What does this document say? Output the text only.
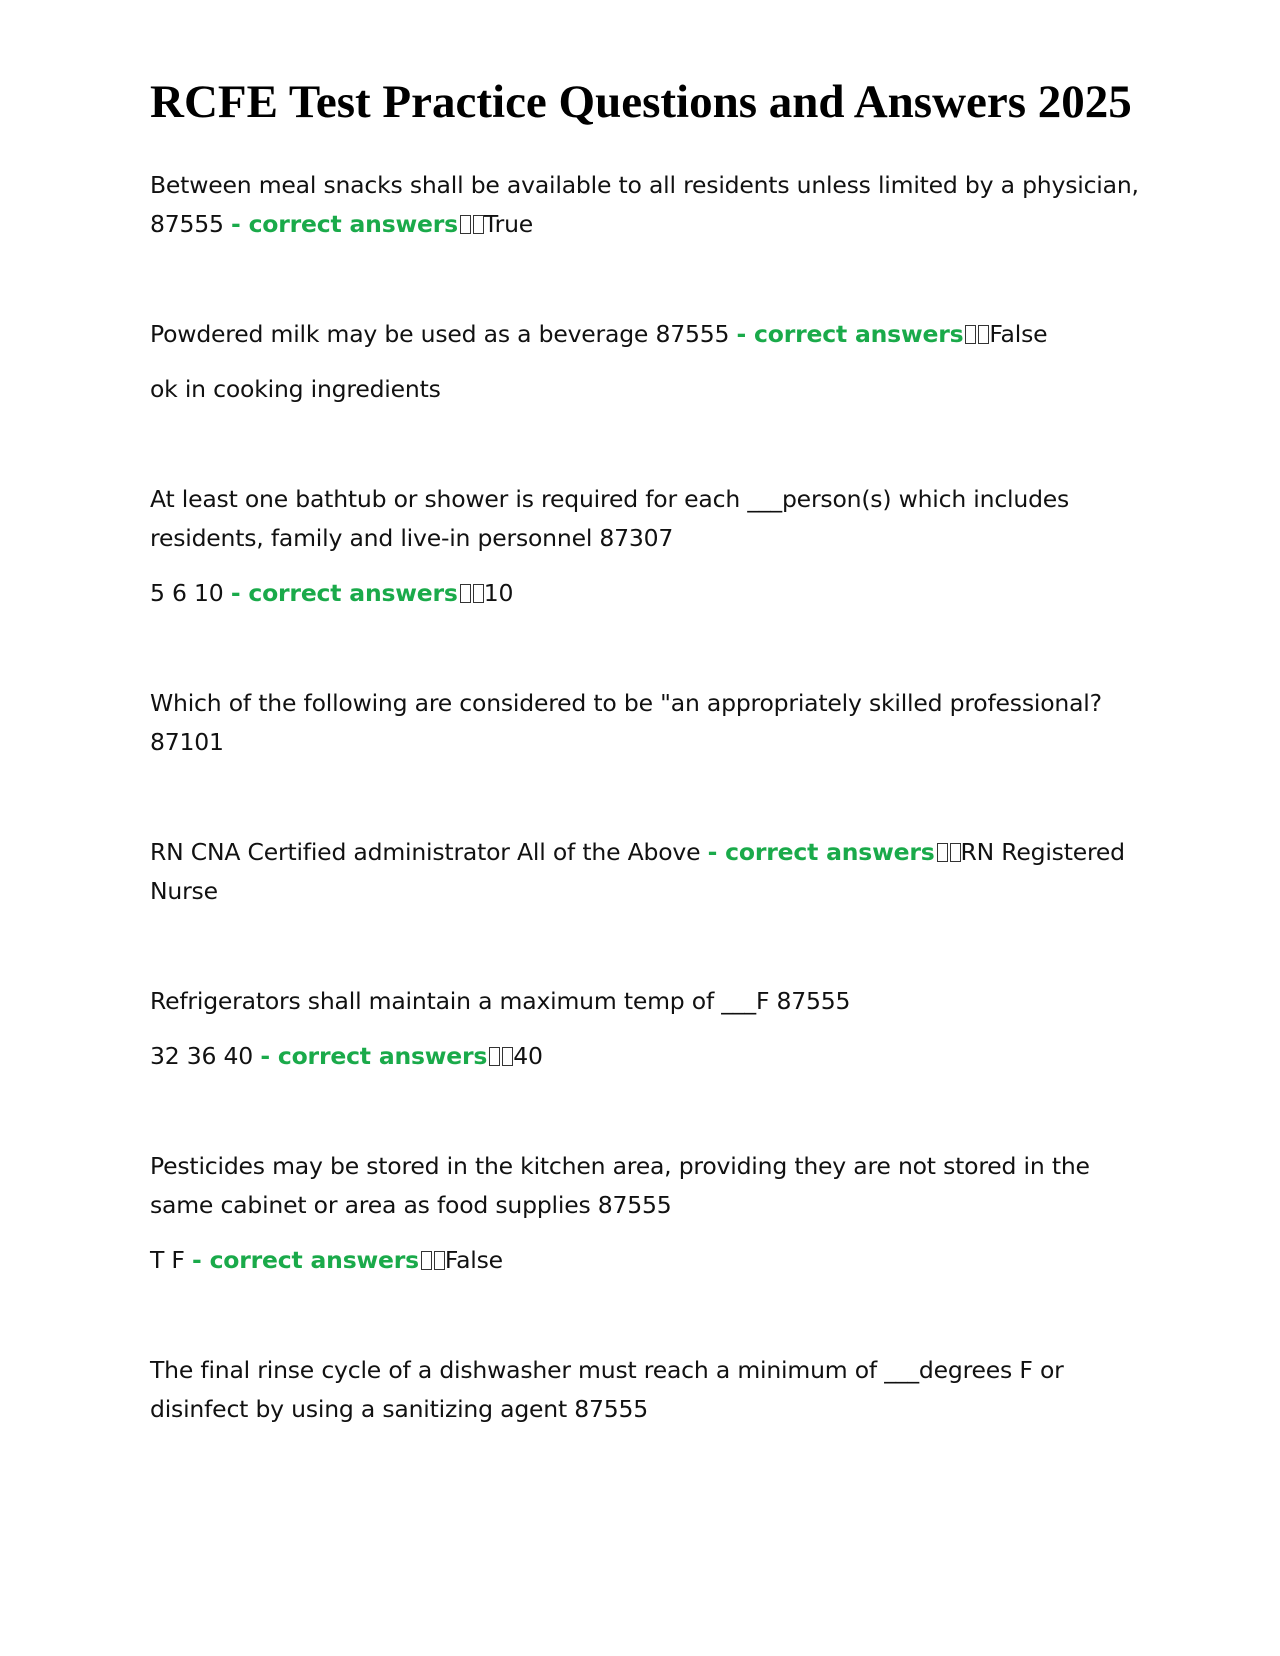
RCFE Test Practice Questions and Answers 2025

Between meal snacks shall be available to all residents unless limited by a physician, 87555 - correct answers True

Powdered milk may be used as a beverage 87555 - correct answers False

ok in cooking ingredients

At least one bathtub or shower is required for each ___person(s) which includes residents, family and live-in personnel 87307

5 6 10 - correct answers 10

Which of the following are considered to be "an appropriately skilled professional? 87101

RN CNA Certified administrator All of the Above - correct answers RN Registered Nurse

Refrigerators shall maintain a maximum temp of ___F 87555

32 36 40 - correct answers 40

Pesticides may be stored in the kitchen area, providing they are not stored in the same cabinet or area as food supplies 87555

T F - correct answers False

The final rinse cycle of a dishwasher must reach a minimum of ___degrees F or disinfect by using a sanitizing agent 87555
